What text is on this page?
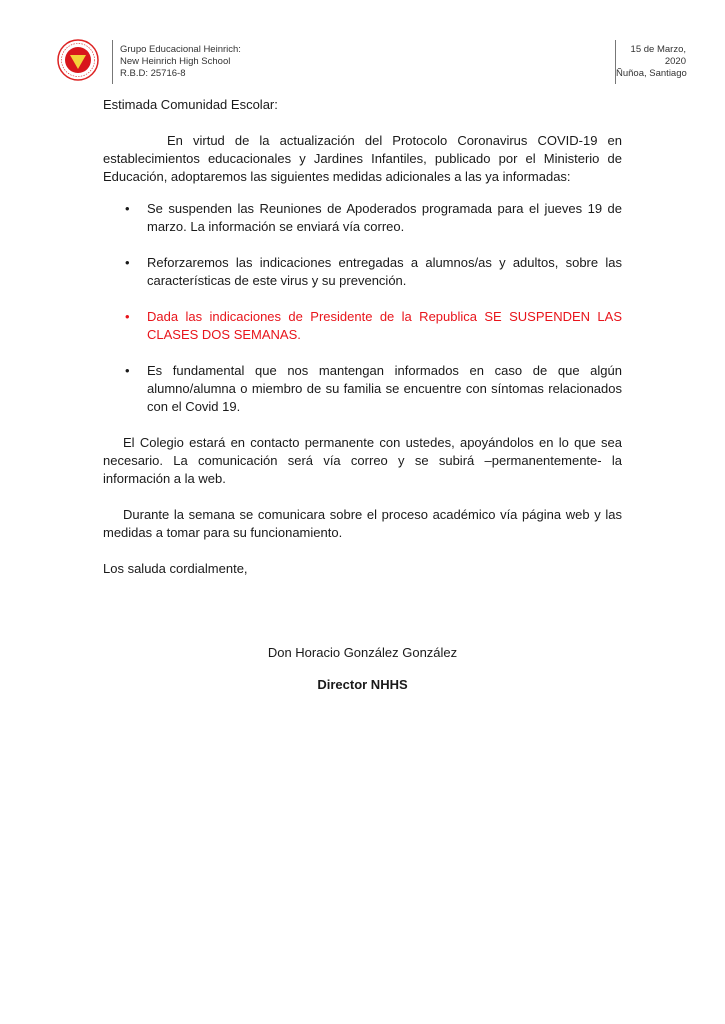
Grupo Educacional Heinrich:
New Heinrich High School
R.B.D: 25716-8
15 de Marzo,
2020
Ñuñoa, Santiago

Estimada Comunidad Escolar:

En virtud de la actualización del Protocolo Coronavirus COVID-19 en establecimientos educacionales y Jardines Infantiles, publicado por el Ministerio de Educación, adoptaremos las siguientes medidas adicionales a las ya informadas:

• Se suspenden las Reuniones de Apoderados programada para el jueves 19 de marzo. La información se enviará vía correo.
• Reforzaremos las indicaciones entregadas a alumnos/as y adultos, sobre las características de este virus y su prevención.
• Dada las indicaciones de Presidente de la Republica SE SUSPENDEN LAS CLASES DOS SEMANAS.
• Es fundamental que nos mantengan informados en caso de que algún alumno/alumna o miembro de su familia se encuentre con síntomas relacionados con el Covid 19.

El Colegio estará en contacto permanente con ustedes, apoyándolos en lo que sea necesario. La comunicación será vía correo y se subirá –permanentemente- la información a la web.

Durante la semana se comunicara sobre el proceso académico vía página web y las medidas a tomar para su funcionamiento.

Los saluda cordialmente,

Don Horacio González González
Director NHHS
